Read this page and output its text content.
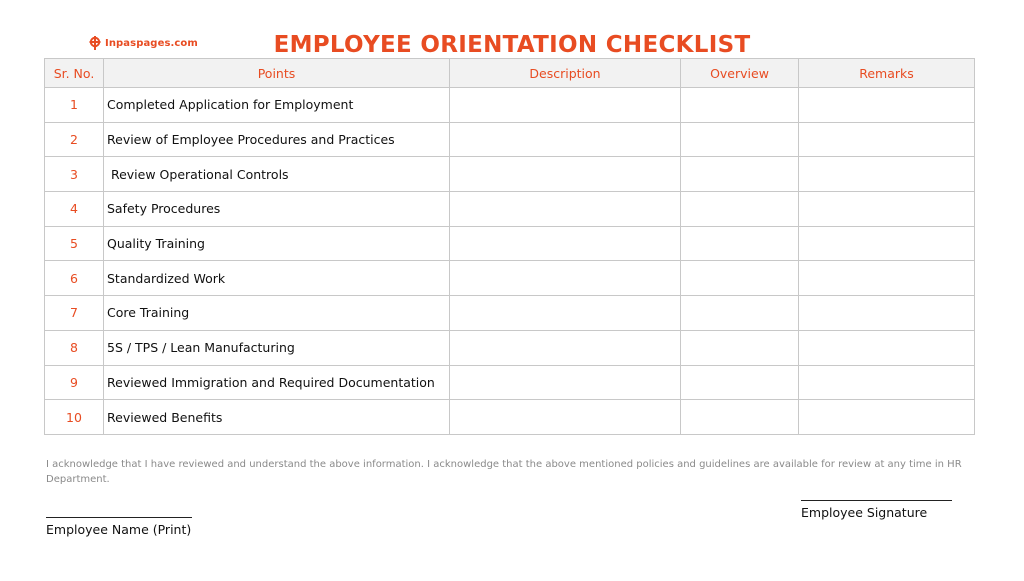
Inpaspages.com	EMPLOYEE ORIENTATION CHECKLIST
Sr. No.	Points	Description	Overview	Remarks
1	Completed Application for Employment			
2	Review of Employee Procedures and Practices			
3	Review Operational Controls			
4	Safety Procedures			
5	Quality Training			
6	Standardized Work			
7	Core Training			
8	5S / TPS / Lean Manufacturing			
9	Reviewed Immigration and Required Documentation			
10	Reviewed Benefits			
I acknowledge that I have reviewed and understand the above information. I acknowledge that the above mentioned policies and guidelines are available for review at any time in HR Department.
Employee Signature
Employee Name (Print)
